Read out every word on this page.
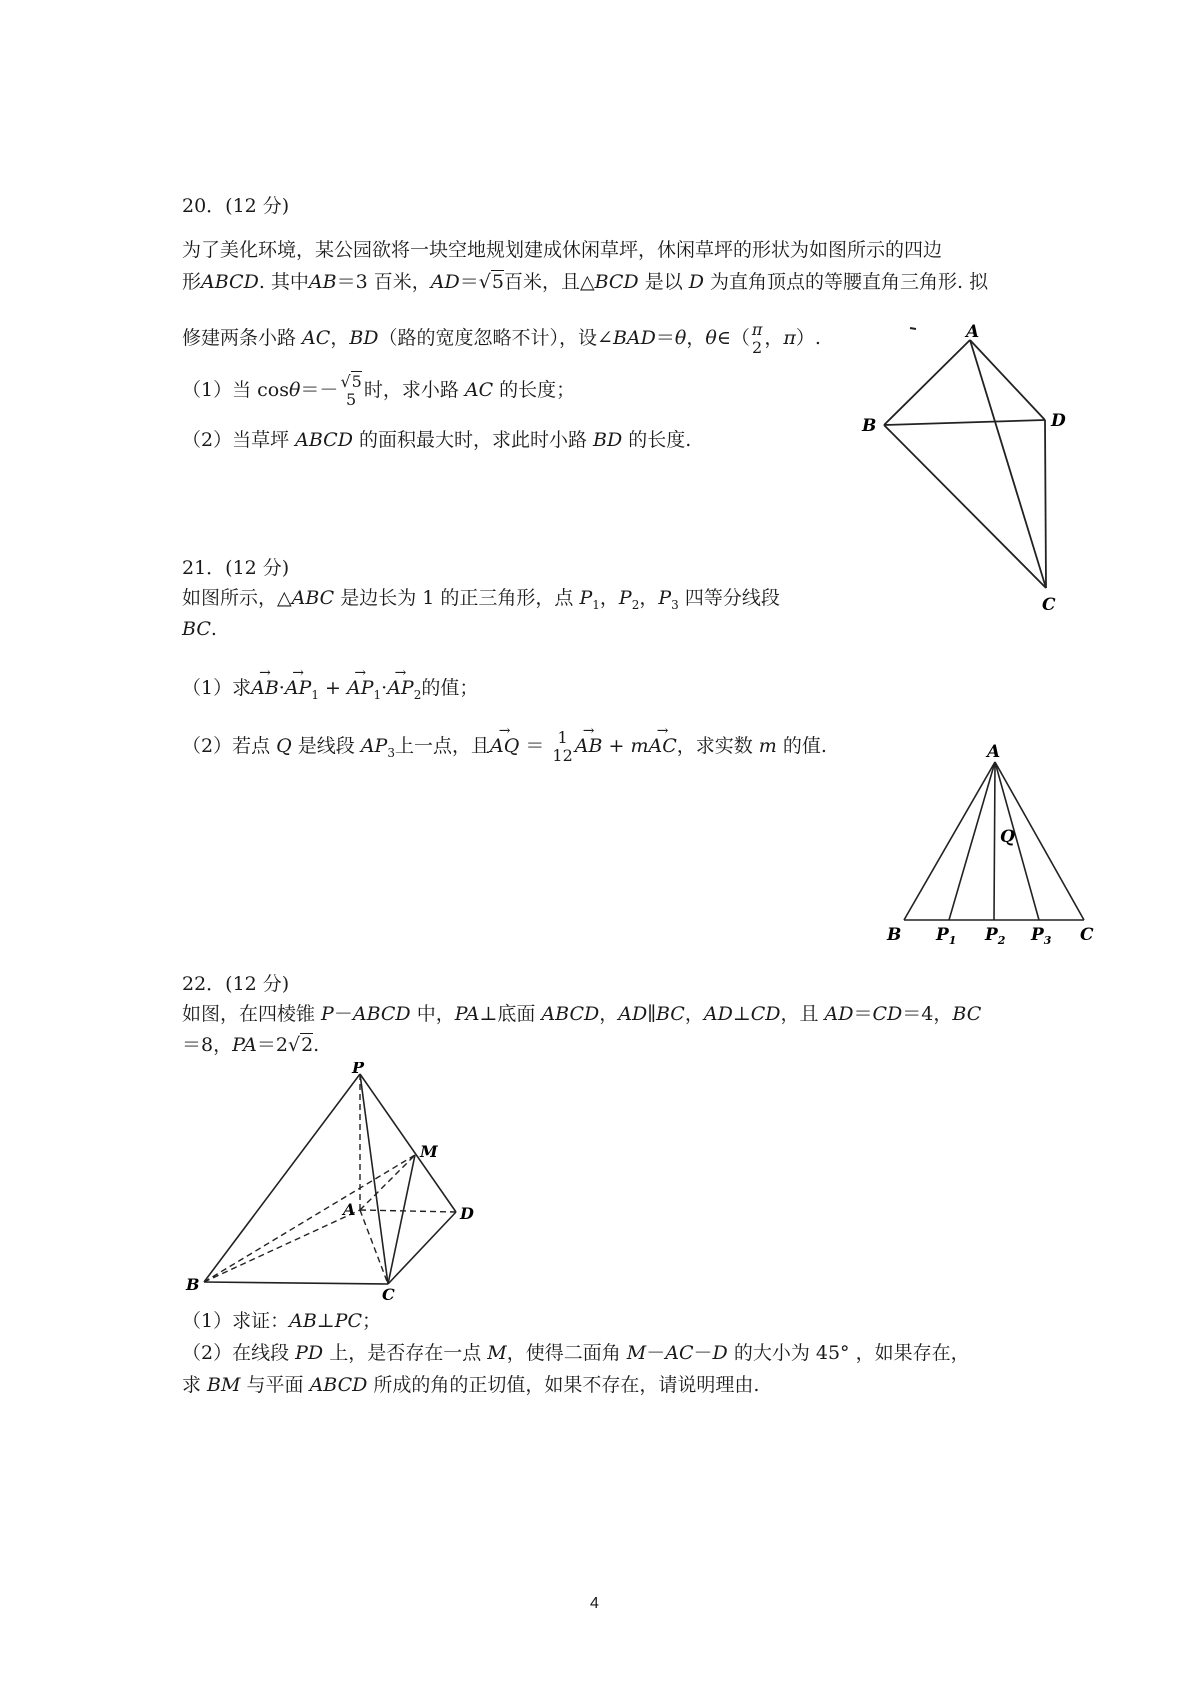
20．(12 分)
为了美化环境，某公园欲将一块空地规划建成休闲草坪，休闲草坪的形状为如图所示的四边
形ABCD. 其中AB＝3 百米，AD＝√5百米，且△BCD 是以 D 为直角顶点的等腰直角三角形. 拟
修建两条小路 AC，BD（路的宽度忽略不计），设∠BAD＝θ，θ∈（ π
2 ，π）.
（1）当 cosθ＝－ √5
5 时，求小路 AC 的长度；
（2）当草坪 ABCD 的面积最大时，求此时小路 BD 的长度.
A
B	D
C
21．(12 分)
如图所示，△ABC 是边长为 1 的正三角形，点 $P_1$，$P_2$，$P_3$ 四等分线段
BC.
（1）求→ $AB\cdot\to AP_1$ + → $AP_1\cdot\to AP_2$的值；
（2）若点 Q 是线段 $AP_3$上一点，且→ AQ ＝ 1
12
→ AB + m→ AC，求实数 m 的值.	A
Q
B $P_1$ $P_2$ $P_3$ C
22．(12 分)
如图，在四棱锥 P－ABCD 中，PA⊥底面 ABCD，AD∥BC，AD⊥CD，且 AD＝CD＝4，BC
＝8，PA＝2√2.
P
M
A	D
B
C
（1）求证：AB⊥PC；
（2）在线段 PD 上，是否存在一点 M，使得二面角 M－AC－D 的大小为 45° ，如果存在，
求 BM 与平面 ABCD 所成的角的正切值，如果不存在，请说明理由.
4
